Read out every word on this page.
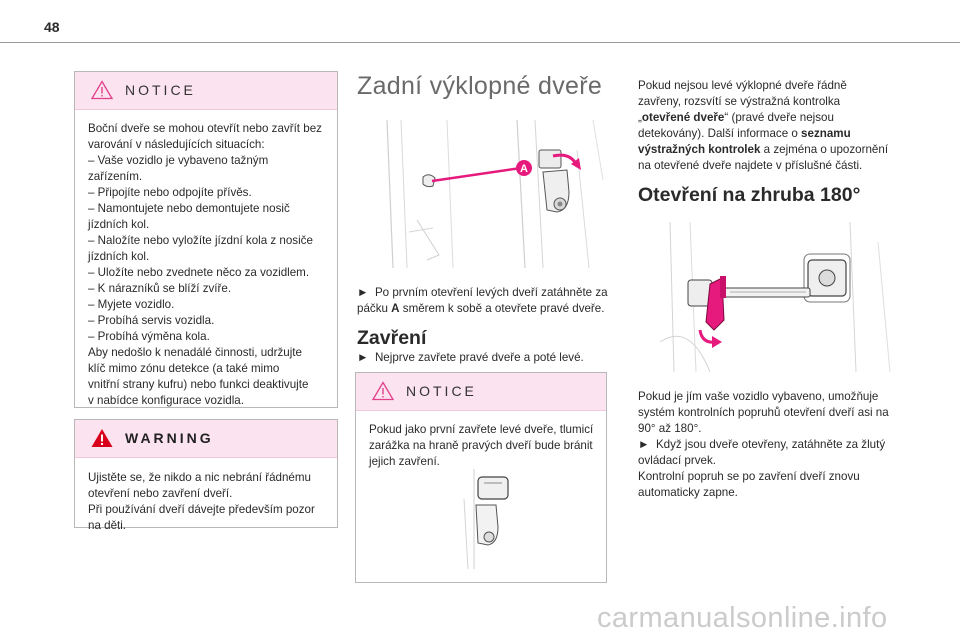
48
NOTICE

Boční dveře se mohou otevřít nebo zavřít bez

varování v následujících situacích:

– Vaše vozidlo je vybaveno tažným

zařízením.

– Připojíte nebo odpojíte přívěs.

– Namontujete nebo demontujete nosič

jízdních kol.

– Naložíte nebo vyložíte jízdní kola z nosiče

jízdních kol.

– Uložíte nebo zvednete něco za vozidlem.

– K nárazníků se blíží zvíře.

– Myjete vozidlo.

– Probíhá servis vozidla.

– Probíhá výměna kola.

Aby nedošlo k nenadálé činnosti, udržujte

klíč mimo zónu detekce (a také mimo

vnitřní strany kufru) nebo funkci deaktivujte

v nabídce konfigurace vozidla.

WARNING

Ujistěte se, že nikdo a nic nebrání řádnému

otevření nebo zavření dveří.

Při používání dveří dávejte především pozor

na děti.

Zadní výklopné dveře
A

► Po prvním otevření levých dveří zatáhněte za

páčku A směrem k sobě a otevřete pravé dveře.

Zavření

► Nejprve zavřete pravé dveře a poté levé.

NOTICE

Pokud jako první zavřete levé dveře, tlumicí

zarážka na hraně pravých dveří bude bránit

jejich zavření.

Pokud nejsou levé výklopné dveře řádně

zavřeny, rozsvítí se výstražná kontrolka

„otevřené dveře“ (pravé dveře nejsou

detekovány). Další informace o seznamu

výstražných kontrolek a zejména o upozornění

na otevřené dveře najdete v příslušné části.

Otevření na zhruba 180°

Pokud je jím vaše vozidlo vybaveno, umožňuje

systém kontrolních popruhů otevření dveří asi na

90° až 180°.

► Když jsou dveře otevřeny, zatáhněte za žlutý

ovládací prvek.

Kontrolní popruh se po zavření dveří znovu

automaticky zapne.

carmanualsonline.info
